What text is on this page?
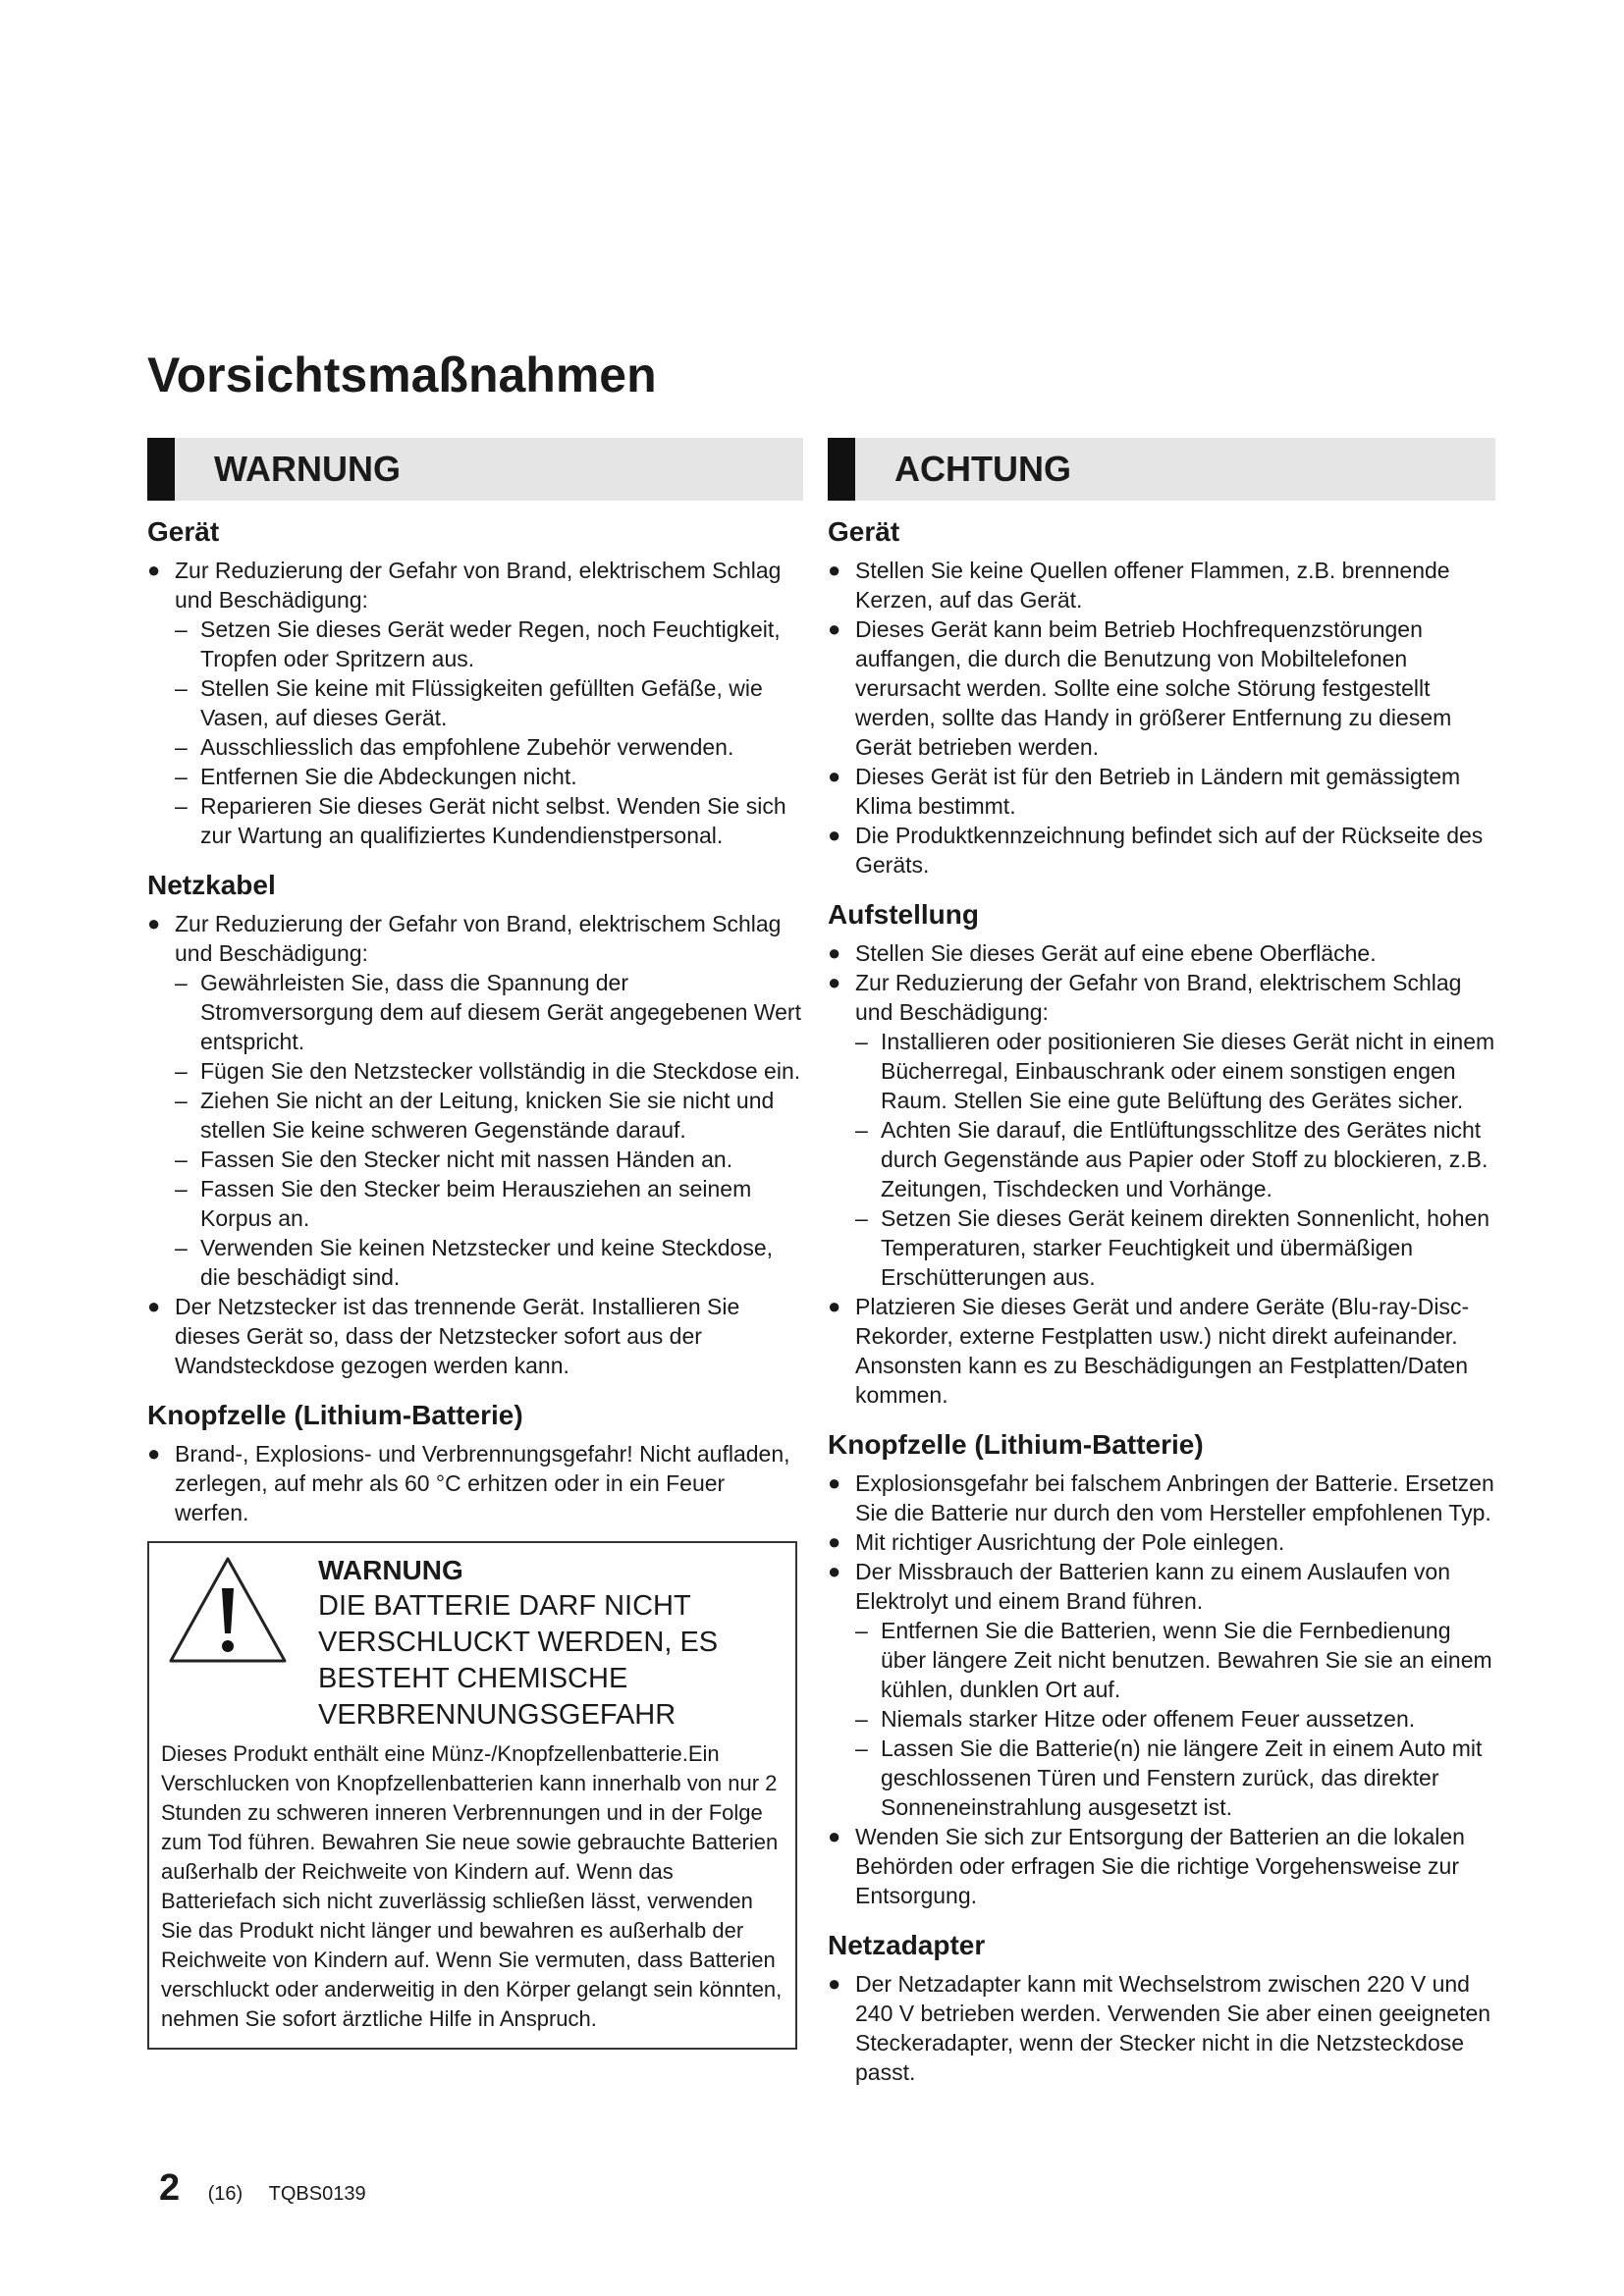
Vorsichtsmaßnahmen
WARNUNG
Gerät
● Zur Reduzierung der Gefahr von Brand, elektrischem Schlag und Beschädigung:
– Setzen Sie dieses Gerät weder Regen, noch Feuchtigkeit, Tropfen oder Spritzern aus.
– Stellen Sie keine mit Flüssigkeiten gefüllten Gefäße, wie Vasen, auf dieses Gerät.
– Ausschliesslich das empfohlene Zubehör verwenden.
– Entfernen Sie die Abdeckungen nicht.
– Reparieren Sie dieses Gerät nicht selbst. Wenden Sie sich zur Wartung an qualifiziertes Kundendienstpersonal.
Netzkabel
● Zur Reduzierung der Gefahr von Brand, elektrischem Schlag und Beschädigung:
– Gewährleisten Sie, dass die Spannung der Stromversorgung dem auf diesem Gerät angegebenen Wert entspricht.
– Fügen Sie den Netzstecker vollständig in die Steckdose ein.
– Ziehen Sie nicht an der Leitung, knicken Sie sie nicht und stellen Sie keine schweren Gegenstände darauf.
– Fassen Sie den Stecker nicht mit nassen Händen an.
– Fassen Sie den Stecker beim Herausziehen an seinem Korpus an.
– Verwenden Sie keinen Netzstecker und keine Steckdose, die beschädigt sind.
● Der Netzstecker ist das trennende Gerät. Installieren Sie dieses Gerät so, dass der Netzstecker sofort aus der Wandsteckdose gezogen werden kann.
Knopfzelle (Lithium-Batterie)
● Brand-, Explosions- und Verbrennungsgefahr! Nicht aufladen, zerlegen, auf mehr als 60 °C erhitzen oder in ein Feuer werfen.
WARNUNG
DIE BATTERIE DARF NICHT VERSCHLUCKT WERDEN, ES BESTEHT CHEMISCHE VERBRENNUNGSGEFAHR
Dieses Produkt enthält eine Münz-/Knopfzellenbatterie.Ein Verschlucken von Knopfzellenbatterien kann innerhalb von nur 2 Stunden zu schweren inneren Verbrennungen und in der Folge zum Tod führen. Bewahren Sie neue sowie gebrauchte Batterien außerhalb der Reichweite von Kindern auf. Wenn das Batteriefach sich nicht zuverlässig schließen lässt, verwenden Sie das Produkt nicht länger und bewahren es außerhalb der Reichweite von Kindern auf. Wenn Sie vermuten, dass Batterien verschluckt oder anderweitig in den Körper gelangt sein könnten, nehmen Sie sofort ärztliche Hilfe in Anspruch.
ACHTUNG
Gerät
● Stellen Sie keine Quellen offener Flammen, z.B. brennende Kerzen, auf das Gerät.
● Dieses Gerät kann beim Betrieb Hochfrequenzstörungen auffangen, die durch die Benutzung von Mobiltelefonen verursacht werden. Sollte eine solche Störung festgestellt werden, sollte das Handy in größerer Entfernung zu diesem Gerät betrieben werden.
● Dieses Gerät ist für den Betrieb in Ländern mit gemässigtem Klima bestimmt.
● Die Produktkennzeichnung befindet sich auf der Rückseite des Geräts.
Aufstellung
● Stellen Sie dieses Gerät auf eine ebene Oberfläche.
● Zur Reduzierung der Gefahr von Brand, elektrischem Schlag und Beschädigung:
– Installieren oder positionieren Sie dieses Gerät nicht in einem Bücherregal, Einbauschrank oder einem sonstigen engen Raum. Stellen Sie eine gute Belüftung des Gerätes sicher.
– Achten Sie darauf, die Entlüftungsschlitze des Gerätes nicht durch Gegenstände aus Papier oder Stoff zu blockieren, z.B. Zeitungen, Tischdecken und Vorhänge.
– Setzen Sie dieses Gerät keinem direkten Sonnenlicht, hohen Temperaturen, starker Feuchtigkeit und übermäßigen Erschütterungen aus.
● Platzieren Sie dieses Gerät und andere Geräte (Blu-ray-Disc-Rekorder, externe Festplatten usw.) nicht direkt aufeinander. Ansonsten kann es zu Beschädigungen an Festplatten/Daten kommen.
Knopfzelle (Lithium-Batterie)
● Explosionsgefahr bei falschem Anbringen der Batterie. Ersetzen Sie die Batterie nur durch den vom Hersteller empfohlenen Typ.
● Mit richtiger Ausrichtung der Pole einlegen.
● Der Missbrauch der Batterien kann zu einem Auslaufen von Elektrolyt und einem Brand führen.
– Entfernen Sie die Batterien, wenn Sie die Fernbedienung über längere Zeit nicht benutzen. Bewahren Sie sie an einem kühlen, dunklen Ort auf.
– Niemals starker Hitze oder offenem Feuer aussetzen.
– Lassen Sie die Batterie(n) nie längere Zeit in einem Auto mit geschlossenen Türen und Fenstern zurück, das direkter Sonneneinstrahlung ausgesetzt ist.
● Wenden Sie sich zur Entsorgung der Batterien an die lokalen Behörden oder erfragen Sie die richtige Vorgehensweise zur Entsorgung.
Netzadapter
● Der Netzadapter kann mit Wechselstrom zwischen 220 V und 240 V betrieben werden. Verwenden Sie aber einen geeigneten Steckeradapter, wenn der Stecker nicht in die Netzsteckdose passt.
2 (16) TQBS0139
